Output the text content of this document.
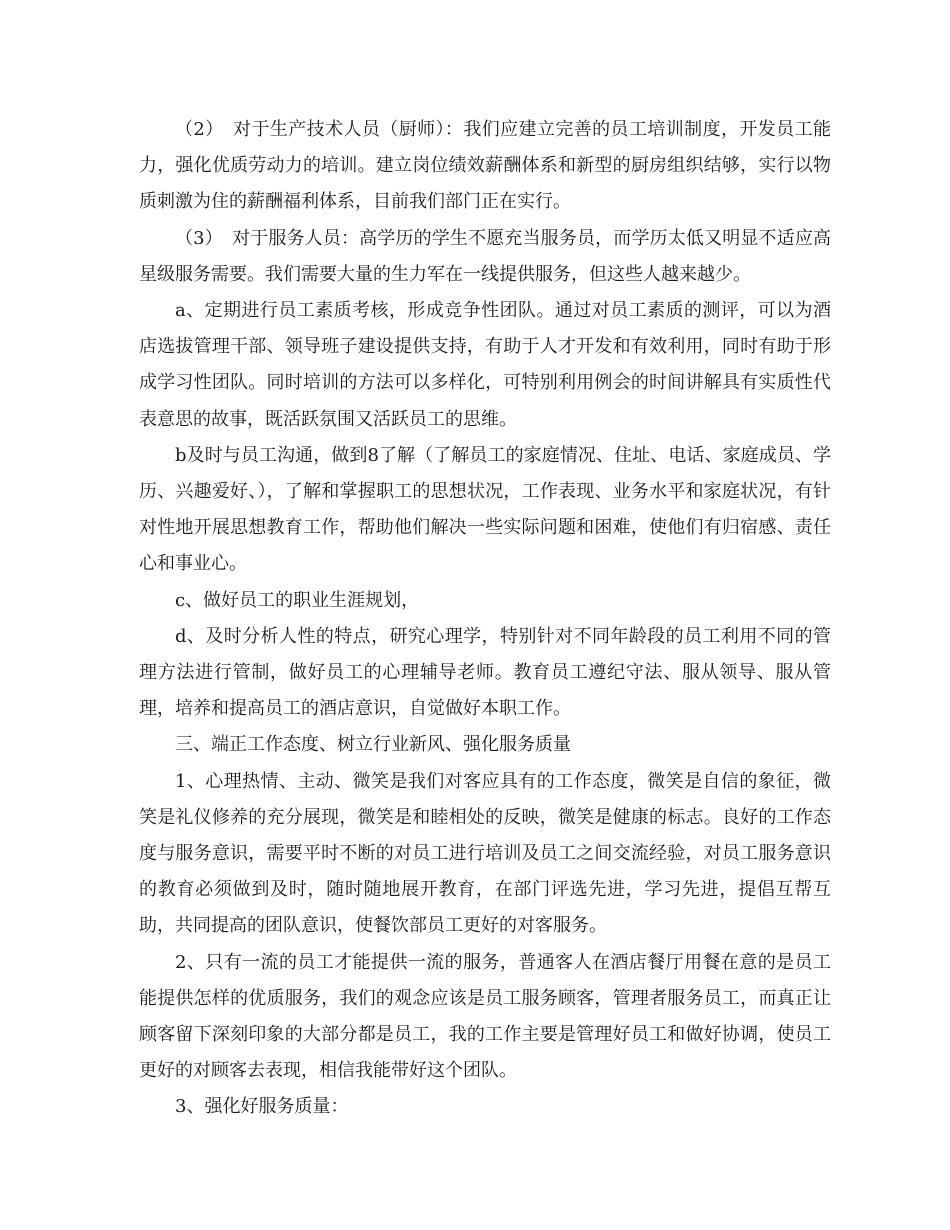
（2）　对于生产技术人员（厨师）：我们应建立完善的员工培训制度，开发员工能力，强化优质劳动力的培训。建立岗位绩效薪酬体系和新型的厨房组织结够，实行以物质刺激为住的薪酬福利体系，目前我们部门正在实行。

（3）　对于服务人员：高学历的学生不愿充当服务员，而学历太低又明显不适应高星级服务需要。我们需要大量的生力军在一线提供服务，但这些人越来越少。

a、定期进行员工素质考核，形成竞争性团队。通过对员工素质的测评，可以为酒店选拔管理干部、领导班子建设提供支持，有助于人才开发和有效利用，同时有助于形成学习性团队。同时培训的方法可以多样化，可特别利用例会的时间讲解具有实质性代表意思的故事，既活跃氛围又活跃员工的思维。

b及时与员工沟通，做到8了解（了解员工的家庭情况、住址、电话、家庭成员、学历、兴趣爱好、），了解和掌握职工的思想状况，工作表现、业务水平和家庭状况，有针对性地开展思想教育工作，帮助他们解决一些实际问题和困难，使他们有归宿感、责任心和事业心。

c、做好员工的职业生涯规划，

d、及时分析人性的特点，研究心理学，特别针对不同年龄段的员工利用不同的管理方法进行管制，做好员工的心理辅导老师。教育员工遵纪守法、服从领导、服从管理，培养和提高员工的酒店意识，自觉做好本职工作。

三、端正工作态度、树立行业新风、强化服务质量

1、心理热情、主动、微笑是我们对客应具有的工作态度，微笑是自信的象征，微笑是礼仪修养的充分展现，微笑是和睦相处的反映，微笑是健康的标志。良好的工作态度与服务意识，需要平时不断的对员工进行培训及员工之间交流经验，对员工服务意识的教育必须做到及时，随时随地展开教育，在部门评选先进，学习先进，提倡互帮互助，共同提高的团队意识，使餐饮部员工更好的对客服务。

2、只有一流的员工才能提供一流的服务，普通客人在酒店餐厅用餐在意的是员工能提供怎样的优质服务，我们的观念应该是员工服务顾客，管理者服务员工，而真正让顾客留下深刻印象的大部分都是员工，我的工作主要是管理好员工和做好协调，使员工更好的对顾客去表现，相信我能带好这个团队。

3、强化好服务质量：
